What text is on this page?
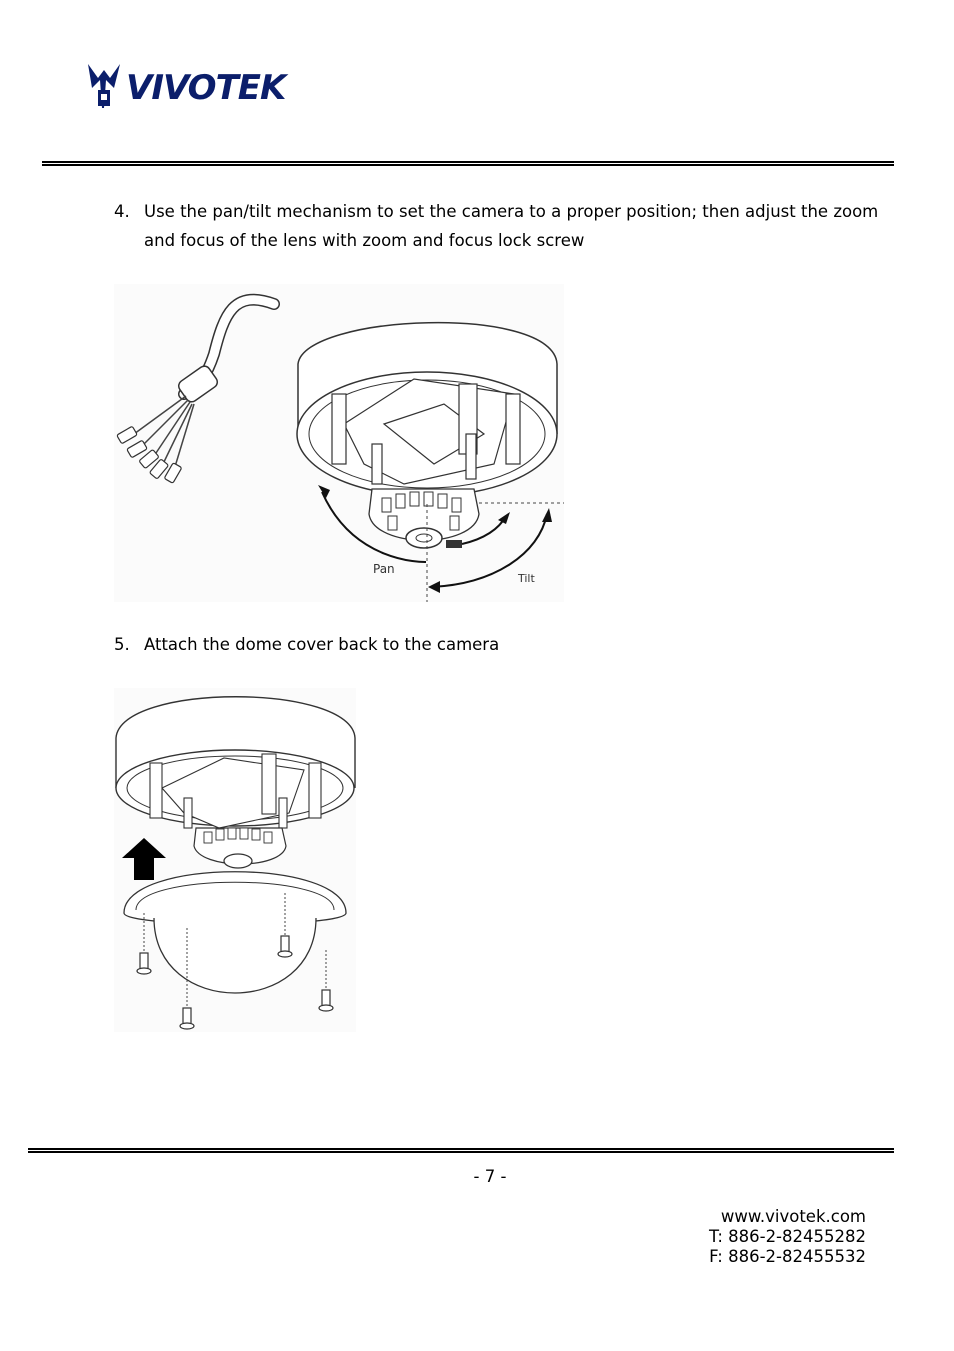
VIVOTEK
4. Use the pan/tilt mechanism to set the camera to a proper position; then adjust the zoom and focus of the lens with zoom and focus lock screw
Pan
Tilt
5. Attach the dome cover back to the camera
- 7 -
www.vivotek.com
T: 886-2-82455282
F: 886-2-82455532
